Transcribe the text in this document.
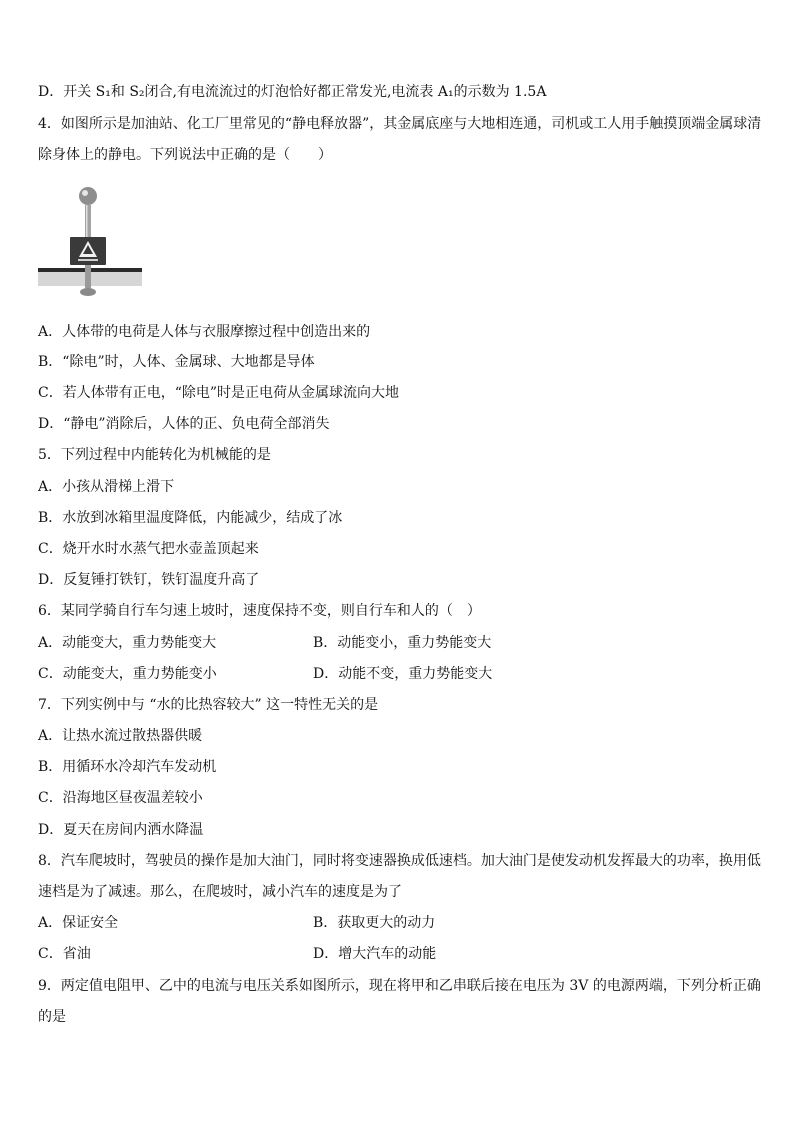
D．开关 S₁和 S₂闭合,有电流流过的灯泡恰好都正常发光,电流表 A₁的示数为 1.5A
4．如图所示是加油站、化工厂里常见的“静电释放器”，其金属底座与大地相连通，司机或工人用手触摸顶端金属球清
除身体上的静电。下列说法中正确的是（　　）
A．人体带的电荷是人体与衣服摩擦过程中创造出来的
B．“除电”时，人体、金属球、大地都是导体
C．若人体带有正电，“除电”时是正电荷从金属球流向大地
D．“静电”消除后，人体的正、负电荷全部消失
5．下列过程中内能转化为机械能的是
A．小孩从滑梯上滑下
B．水放到冰箱里温度降低，内能减少，结成了冰
C．烧开水时水蒸气把水壶盖顶起来
D．反复锤打铁钉，铁钉温度升高了
6．某同学骑自行车匀速上坡时，速度保持不变，则自行车和人的（　）
A．动能变大，重力势能变大	B．动能变小，重力势能变大
C．动能变大，重力势能变小	D．动能不变，重力势能变大
7．下列实例中与 “水的比热容较大” 这一特性无关的是
A．让热水流过散热器供暖
B．用循环水冷却汽车发动机
C．沿海地区昼夜温差较小
D．夏天在房间内洒水降温
8．汽车爬坡时，驾驶员的操作是加大油门，同时将变速器换成低速档。加大油门是使发动机发挥最大的功率，换用低
速档是为了减速。那么，在爬坡时，减小汽车的速度是为了
A．保证安全	B．获取更大的动力
C．省油	D．增大汽车的动能
9．两定值电阻甲、乙中的电流与电压关系如图所示，现在将甲和乙串联后接在电压为 3V 的电源两端，下列分析正确
的是
